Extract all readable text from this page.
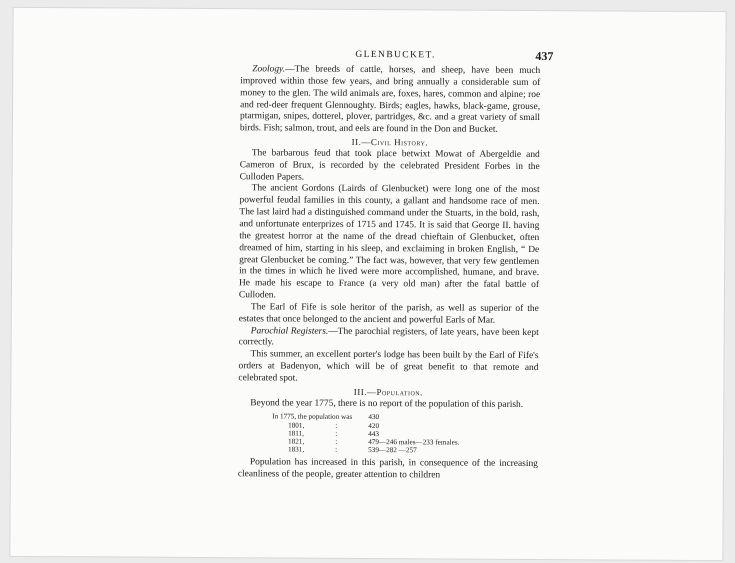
GLENBUCKET.	437

Zoology.—The breeds of cattle, horses, and sheep, have been much improved within those few years, and bring annually a considerable sum of money to the glen. The wild animals are, foxes, hares, common and alpine; roe and red-deer frequent Glennoughty. Birds; eagles, hawks, black-game, grouse, ptarmigan, snipes, dotterel, plover, partridges, &c. and a great variety of small birds. Fish; salmon, trout, and eels are found in the Don and Bucket.

II.—Civil History.

The barbarous feud that took place betwixt Mowat of Abergeldie and Cameron of Brux, is recorded by the celebrated President Forbes in the Culloden Papers.

The ancient Gordons (Lairds of Glenbucket) were long one of the most powerful feudal families in this county, a gallant and handsome race of men. The last laird had a distinguished command under the Stuarts, in the bold, rash, and unfortunate enterprizes of 1715 and 1745. It is said that George II. having the greatest horror at the name of the dread chieftain of Glenbucket, often dreamed of him, starting in his sleep, and exclaiming in broken English, “ De great Glenbucket be coming.” The fact was, however, that very few gentlemen in the times in which he lived were more accomplished, humane, and brave. He made his escape to France (a very old man) after the fatal battle of Culloden.

The Earl of Fife is sole heritor of the parish, as well as superior of the estates that once belonged to the ancient and powerful Earls of Mar.

Parochial Registers.—The parochial registers, of late years, have been kept correctly.

This summer, an excellent porter's lodge has been built by the Earl of Fife's orders at Badenyon, which will be of great benefit to that remote and celebrated spot.

III.—Population.

Beyond the year 1775, there is no report of the population of this parish.

In 1775, the population was		430
1801,	:	420
1811,	:	443
1821,	:	479—246 males—233 females.
1831,	:	539—282 —257

Population has increased in this parish, in consequence of the increasing cleanliness of the people, greater attention to children
